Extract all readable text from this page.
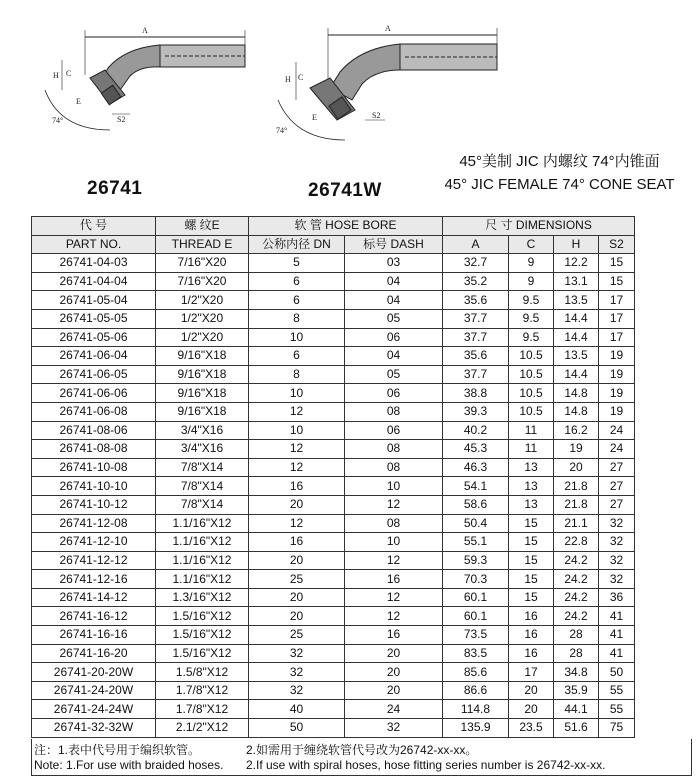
A
H C
E
S2
74°
A
H C
E	S2
74°
26741	26741W
45°美制 JIC 内螺纹 74°内锥面
45° JIC FEMALE 74° CONE SEAT
代 号	螺 纹E	软 管 HOSE BORE		尺 寸 DIMENSIONS		
PART NO.	THREAD E	公称内径 DN	标号 DASH	A	C	H	S2
26741-04-03	7/16"X20	5	03	32.7	9	12.2	15
26741-04-04	7/16"X20	6	04	35.2	9	13.1	15
26741-05-04	1/2"X20	6	04	35.6	9.5	13.5	17
26741-05-05	1/2"X20	8	05	37.7	9.5	14.4	17
26741-05-06	1/2"X20	10	06	37.7	9.5	14.4	17
26741-06-04	9/16"X18	6	04	35.6	10.5	13.5	19
26741-06-05	9/16"X18	8	05	37.7	10.5	14.4	19
26741-06-06	9/16"X18	10	06	38.8	10.5	14.8	19
26741-06-08	9/16"X18	12	08	39.3	10.5	14.8	19
26741-08-06	3/4"X16	10	06	40.2	11	16.2	24
26741-08-08	3/4"X16	12	08	45.3	11	19	24
26741-10-08	7/8"X14	12	08	46.3	13	20	27
26741-10-10	7/8"X14	16	10	54.1	13	21.8	27
26741-10-12	7/8"X14	20	12	58.6	13	21.8	27
26741-12-08	1.1/16"X12	12	08	50.4	15	21.1	32
26741-12-10	1.1/16"X12	16	10	55.1	15	22.8	32
26741-12-12	1.1/16"X12	20	12	59.3	15	24.2	32
26741-12-16	1.1/16"X12	25	16	70.3	15	24.2	32
26741-14-12	1.3/16"X12	20	12	60.1	15	24.2	36
26741-16-12	1.5/16"X12	20	12	60.1	16	24.2	41
26741-16-16	1.5/16"X12	25	16	73.5	16	28	41
26741-16-20	1.5/16"X12	32	20	83.5	16	28	41
26741-20-20W	1.5/8"X12	32	20	85.6	17	34.8	50
26741-24-20W	1.7/8"X12	32	20	86.6	20	35.9	55
26741-24-24W	1.7/8"X12	40	24	114.8	20	44.1	55
26741-32-32W	2.1/2"X12	50	32	135.9	23.5	51.6	75
注：1.表中代号用于编织软管。	2.如需用于缠绕软管代号改为26742-xx-xx。
Note: 1.For use with braided hoses. 2.If use with spiral hoses, hose fitting series number is 26742-xx-xx.
